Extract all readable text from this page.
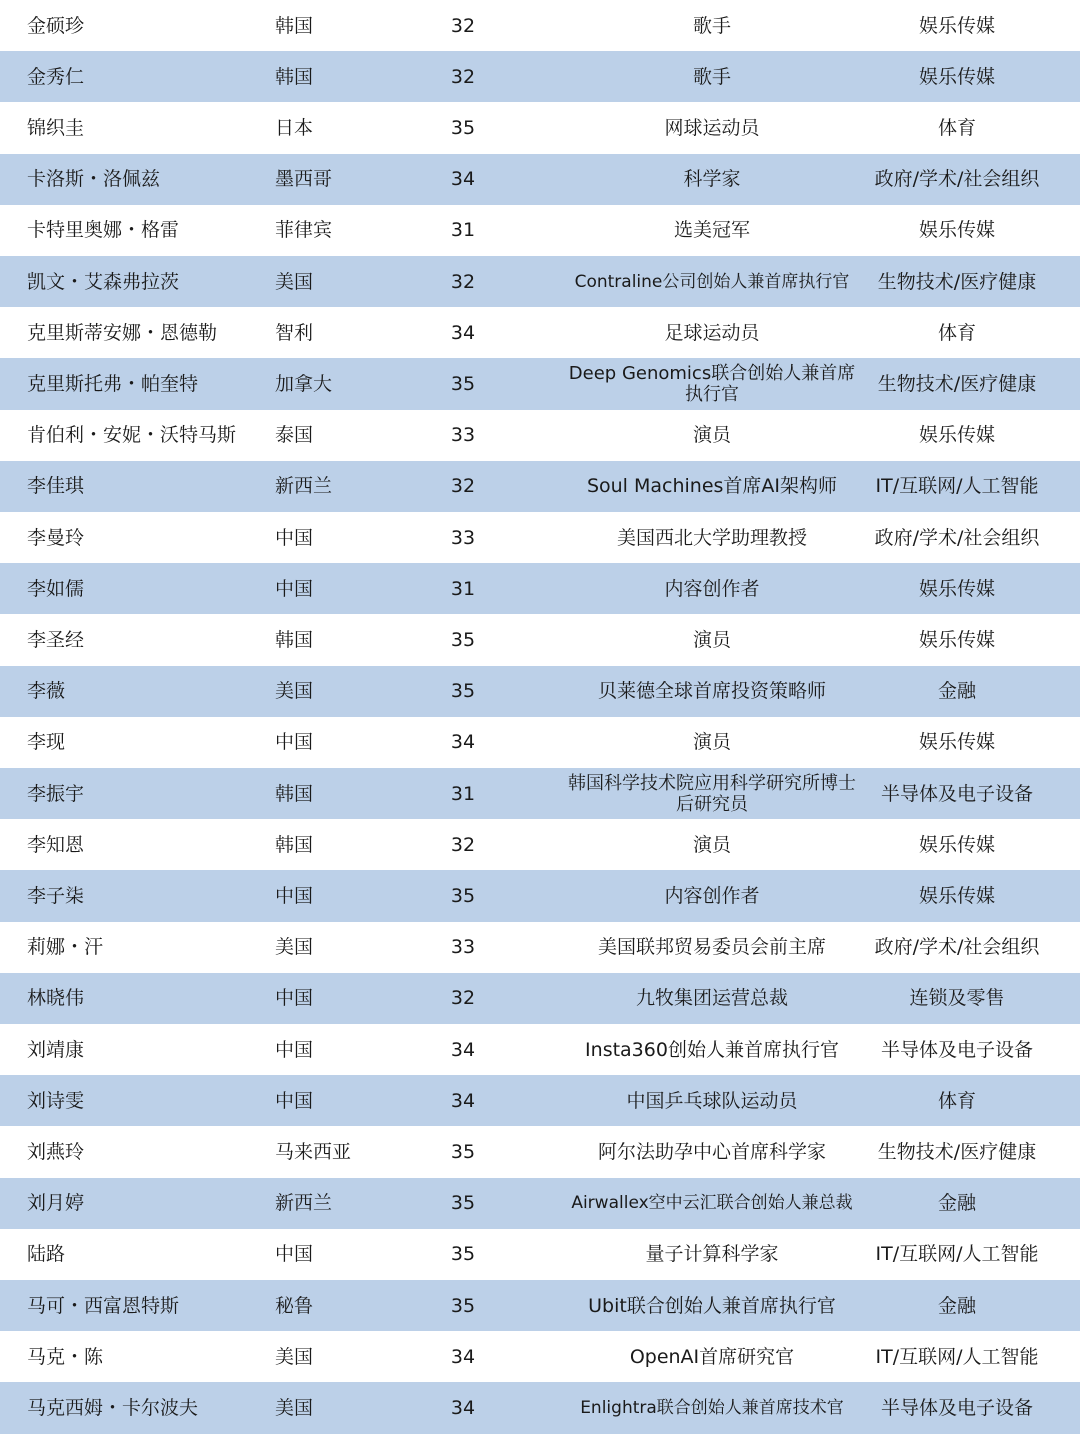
金硕珍	韩国	32	歌手	娱乐传媒
金秀仁	韩国	32	歌手	娱乐传媒
锦织圭	日本	35	网球运动员	体育
卡洛斯・洛佩兹	墨西哥	34	科学家	政府/学术/社会组织
卡特里奥娜・格雷	菲律宾	31	选美冠军	娱乐传媒
凯文・艾森弗拉茨	美国	32	Contraline公司创始人兼首席执行官	生物技术/医疗健康
克里斯蒂安娜・恩德勒	智利	34	足球运动员	体育
克里斯托弗・帕奎特	加拿大	35	Deep Genomics联合创始人兼首席执行官	生物技术/医疗健康
肯伯利・安妮・沃特马斯	泰国	33	演员	娱乐传媒
李佳琪	新西兰	32	Soul Machines首席AI架构师	IT/互联网/人工智能
李曼玲	中国	33	美国西北大学助理教授	政府/学术/社会组织
李如儒	中国	31	内容创作者	娱乐传媒
李圣经	韩国	35	演员	娱乐传媒
李薇	美国	35	贝莱德全球首席投资策略师	金融
李现	中国	34	演员	娱乐传媒
李振宇	韩国	31	韩国科学技术院应用科学研究所博士后研究员	半导体及电子设备
李知恩	韩国	32	演员	娱乐传媒
李子柒	中国	35	内容创作者	娱乐传媒
莉娜・汗	美国	33	美国联邦贸易委员会前主席	政府/学术/社会组织
林晓伟	中国	32	九牧集团运营总裁	连锁及零售
刘靖康	中国	34	Insta360创始人兼首席执行官	半导体及电子设备
刘诗雯	中国	34	中国乒乓球队运动员	体育
刘燕玲	马来西亚	35	阿尔法助孕中心首席科学家	生物技术/医疗健康
刘月婷	新西兰	35	Airwallex空中云汇联合创始人兼总裁	金融
陆路	中国	35	量子计算科学家	IT/互联网/人工智能
马可・西富恩特斯	秘鲁	35	Ubit联合创始人兼首席执行官	金融
马克・陈	美国	34	OpenAI首席研究官	IT/互联网/人工智能
马克西姆・卡尔波夫	美国	34	Enlightra联合创始人兼首席技术官	半导体及电子设备
